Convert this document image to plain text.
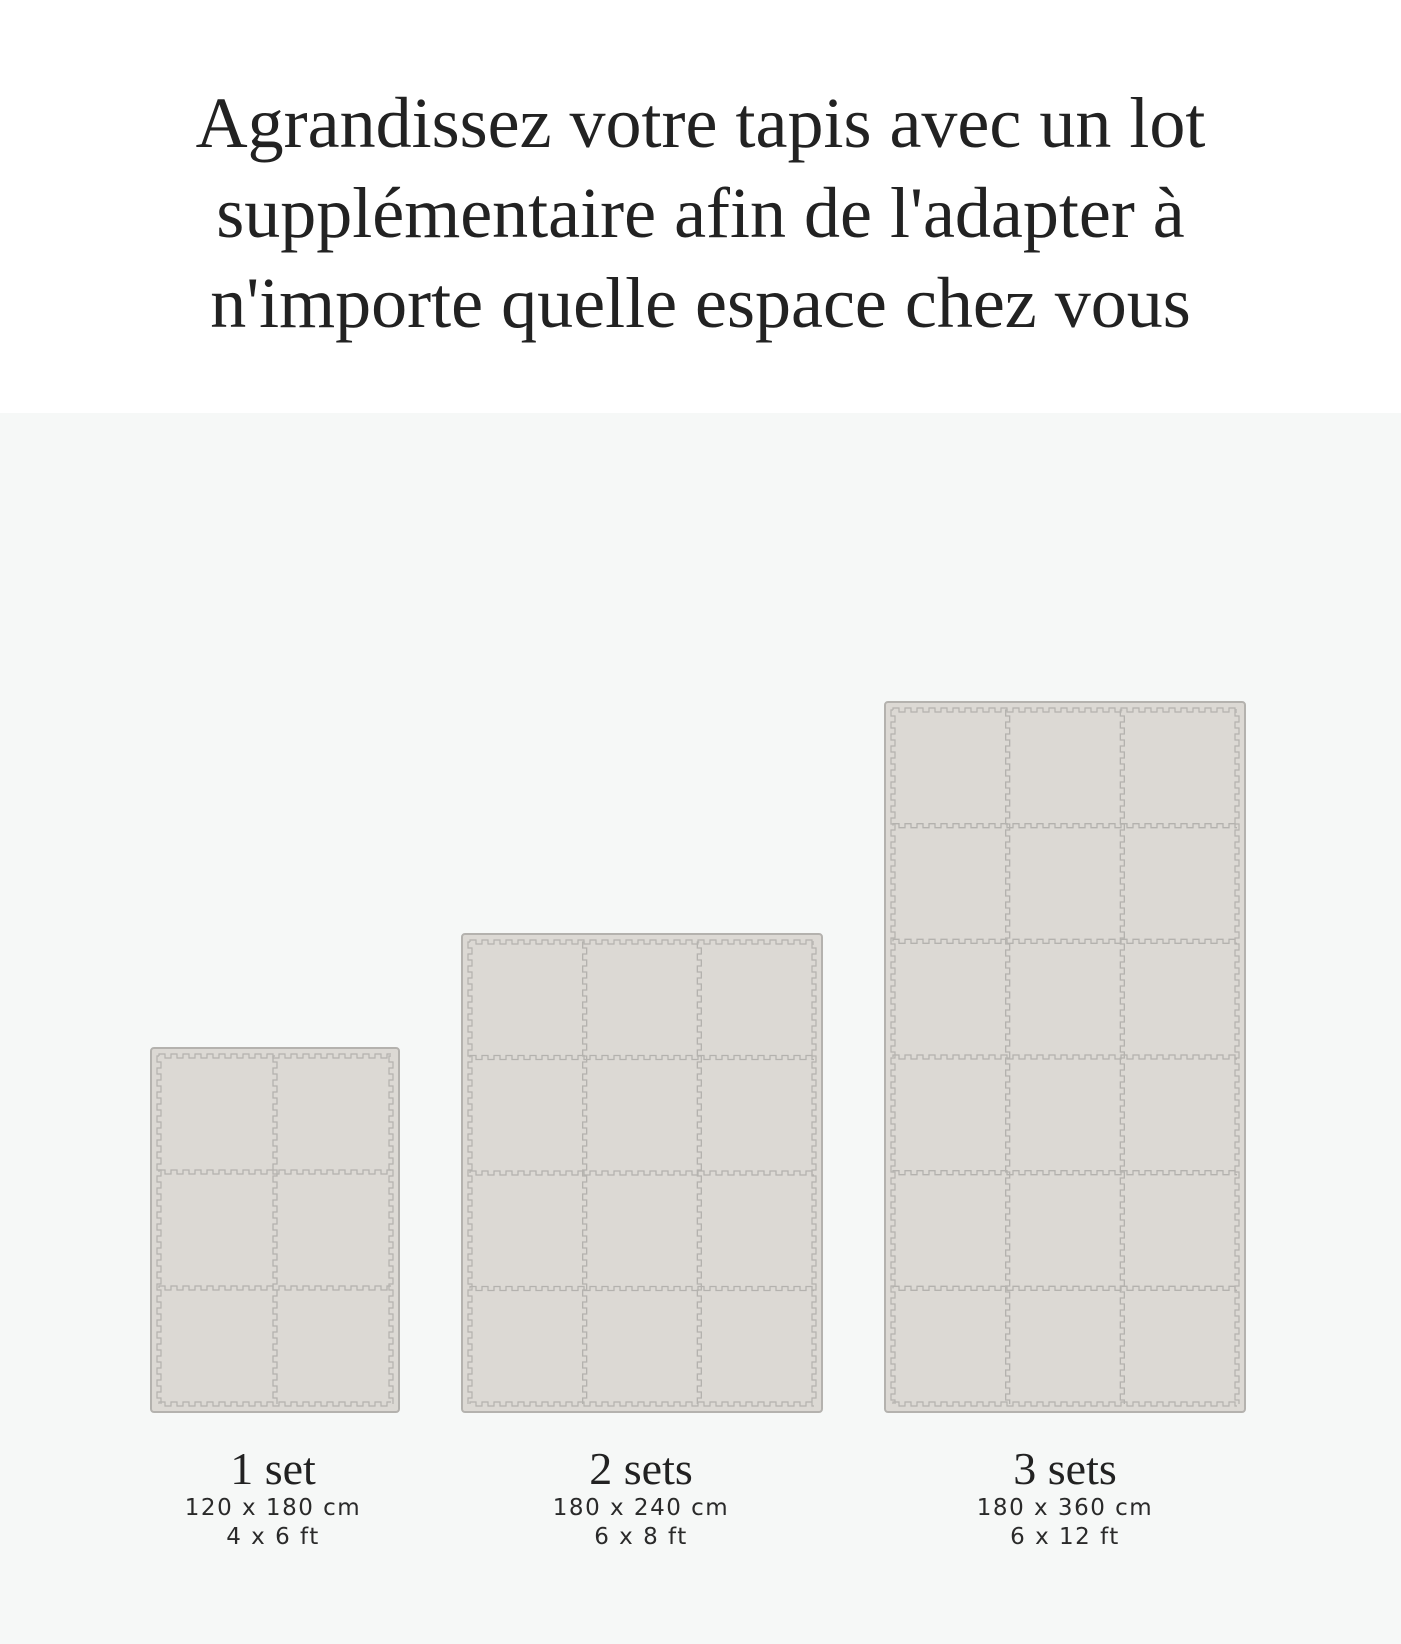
Agrandissez votre tapis avec un lot
supplémentaire afin de l'adapter à
n'importe quelle espace chez vous
1 set
120 x 180 cm
4 x 6 ft
2 sets
180 x 240 cm
6 x 8 ft
3 sets
180 x 360 cm
6 x 12 ft
